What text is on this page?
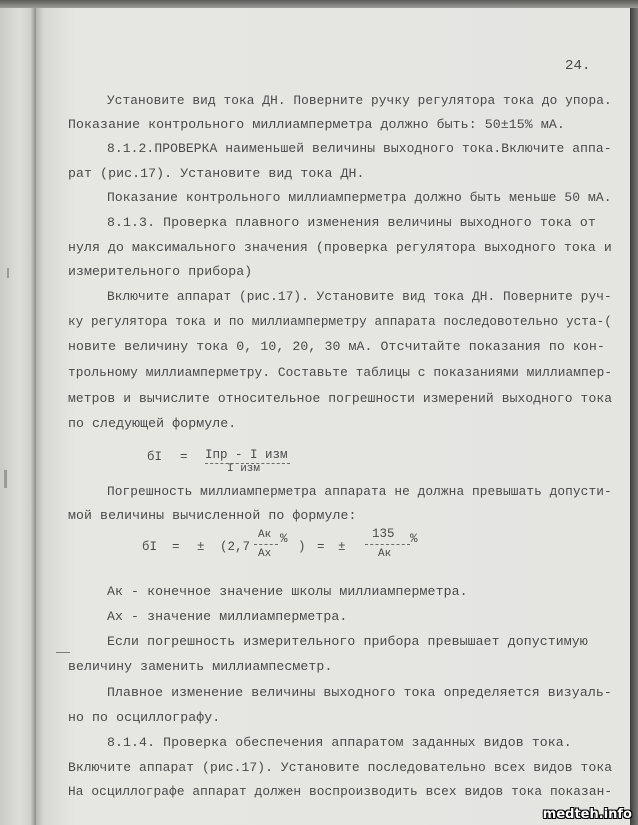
24.
Установите вид тока ДН. Поверните ручку регулятора тока до упора.
Показание контрольного миллиамперметра должно быть: 50±15% мА.
8.1.2.ПРОВЕРКА наименьшей величины выходного тока.Включите аппа-
рат (рис.17). Установите вид тока ДН.
Показание контрольного миллиамперметра должно быть меньше 50 мА.
8.1.3. Проверка плавного изменения величины выходного тока от
нуля до максимального значения (проверка регулятора выходного тока и
измерительного прибора)
Включите аппарат (рис.17). Установите вид тока ДН. Поверните руч-
ку регулятора тока и по миллиамперметру аппарата последовотельно уста-(
новите величину тока 0, 10, 20, 30 мА. Отсчитайте показания по кон-
трольному миллиамперметру. Составьте таблицы с показаниями миллиампер-
метров и вычислите относительное погрешности измерений выходного тока
по следующей формуле.
бI = Iпр - I изм
I изм
Погрешность миллиамперметра аппарата не должна превышать допусти-
мой величины вычисленной по формуле:
бI = ± (2,7
Ак
Ах
%
) = ±
135
Ак
%
Ак - конечное значение школы миллиамперметра.
Ах - значение миллиамперметра.
Если погрешность измерительного прибора превышает допустимую
величину заменить миллиампесметр.
Плавное изменение величины выходного тока определяется визуаль-
но по осциллографу.
8.1.4. Проверка обеспечения аппаратом заданных видов тока.
Включите аппарат (рис.17). Установите последовательно всех видов тока
На осциллографе аппарат должен воспроизводить всех видов тока показан-
medteh.info
